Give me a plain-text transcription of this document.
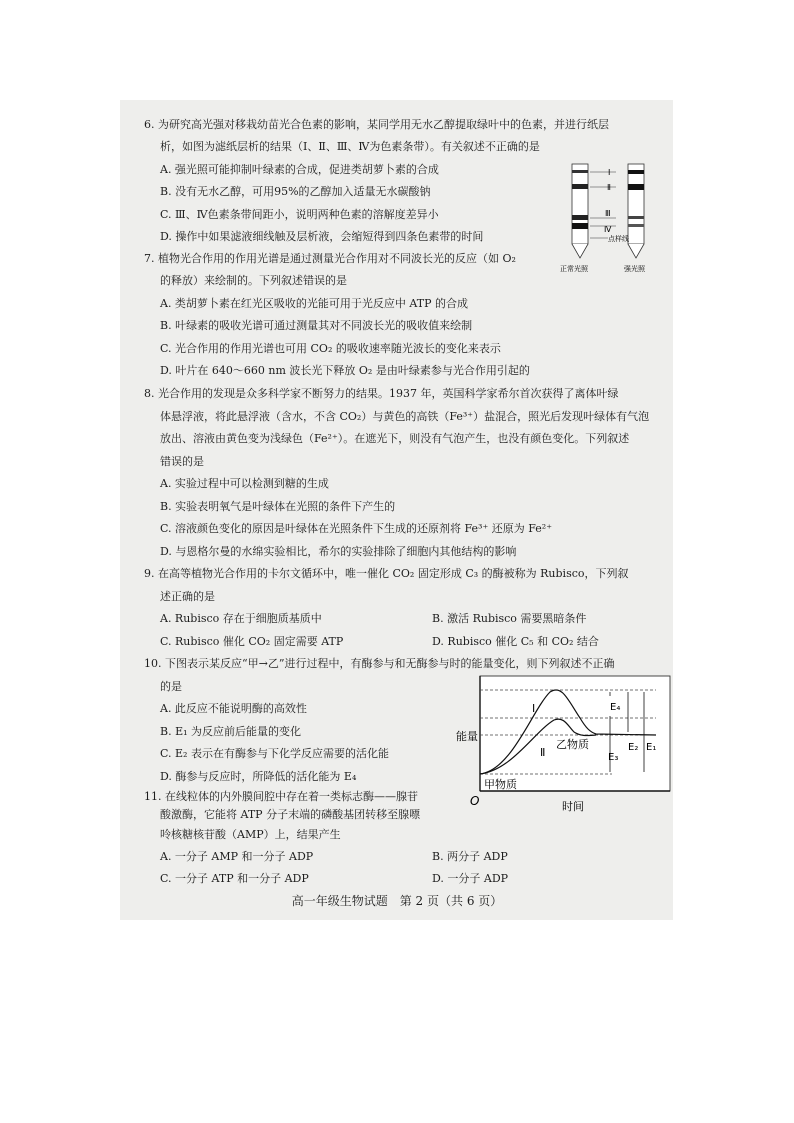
6. 为研究高光强对移栽幼苗光合色素的影响，某同学用无水乙醇提取绿叶中的色素，并进行纸层
析，如图为滤纸层析的结果（Ⅰ、Ⅱ、Ⅲ、Ⅳ为色素条带）。有关叙述不正确的是
A. 强光照可能抑制叶绿素的合成，促进类胡萝卜素的合成
B. 没有无水乙醇，可用95%的乙醇加入适量无水碳酸钠
C. Ⅲ、Ⅳ色素条带间距小，说明两种色素的溶解度差异小
D. 操作中如果滤液细线触及层析液，会缩短得到四条色素带的时间
Ⅰ
Ⅱ
Ⅲ
Ⅳ
点样线
正常光照	强光照
7. 植物光合作用的作用光谱是通过测量光合作用对不同波长光的反应（如 O₂
的释放）来绘制的。下列叙述错误的是
A. 类胡萝卜素在红光区吸收的光能可用于光反应中 ATP 的合成
B. 叶绿素的吸收光谱可通过测量其对不同波长光的吸收值来绘制
C. 光合作用的作用光谱也可用 CO₂ 的吸收速率随光波长的变化来表示
D. 叶片在 640～660 nm 波长光下释放 O₂ 是由叶绿素参与光合作用引起的
8. 光合作用的发现是众多科学家不断努力的结果。1937 年，英国科学家希尔首次获得了离体叶绿
体悬浮液，将此悬浮液（含水，不含 CO₂）与黄色的高铁（Fe³⁺）盐混合，照光后发现叶绿体有气泡
放出、溶液由黄色变为浅绿色（Fe²⁺）。在遮光下，则没有气泡产生，也没有颜色变化。下列叙述
错误的是
A. 实验过程中可以检测到糖的生成
B. 实验表明氧气是叶绿体在光照的条件下产生的
C. 溶液颜色变化的原因是叶绿体在光照条件下生成的还原剂将 Fe³⁺ 还原为 Fe²⁺
D. 与恩格尔曼的水绵实验相比，希尔的实验排除了细胞内其他结构的影响
9. 在高等植物光合作用的卡尔文循环中，唯一催化 CO₂ 固定形成 C₃ 的酶被称为 Rubisco，下列叙
述正确的是
A. Rubisco 存在于细胞质基质中	B. 激活 Rubisco 需要黑暗条件
C. Rubisco 催化 CO₂ 固定需要 ATP	D. Rubisco 催化 C₅ 和 CO₂ 结合
10. 下图表示某反应“甲→乙”进行过程中，有酶参与和无酶参与时的能量变化，则下列叙述不正确
的是
A. 此反应不能说明酶的高效性
B. E₁ 为反应前后能量的变化
C. E₂ 表示在有酶参与下化学反应需要的活化能
D. 酶参与反应时，所降低的活化能为 E₄
E₄
E₃
E₂ E₁
Ⅰ
Ⅱ
乙物质
甲物质
O	时间
能量
11. 在线粒体的内外膜间腔中存在着一类标志酶——腺苷
酸激酶，它能将 ATP 分子末端的磷酸基团转移至腺嘌
呤核糖核苷酸（AMP）上，结果产生
A. 一分子 AMP 和一分子 ADP	B. 两分子 ADP
C. 一分子 ATP 和一分子 ADP	D. 一分子 ADP
高一年级生物试题　第 2 页（共 6 页）
